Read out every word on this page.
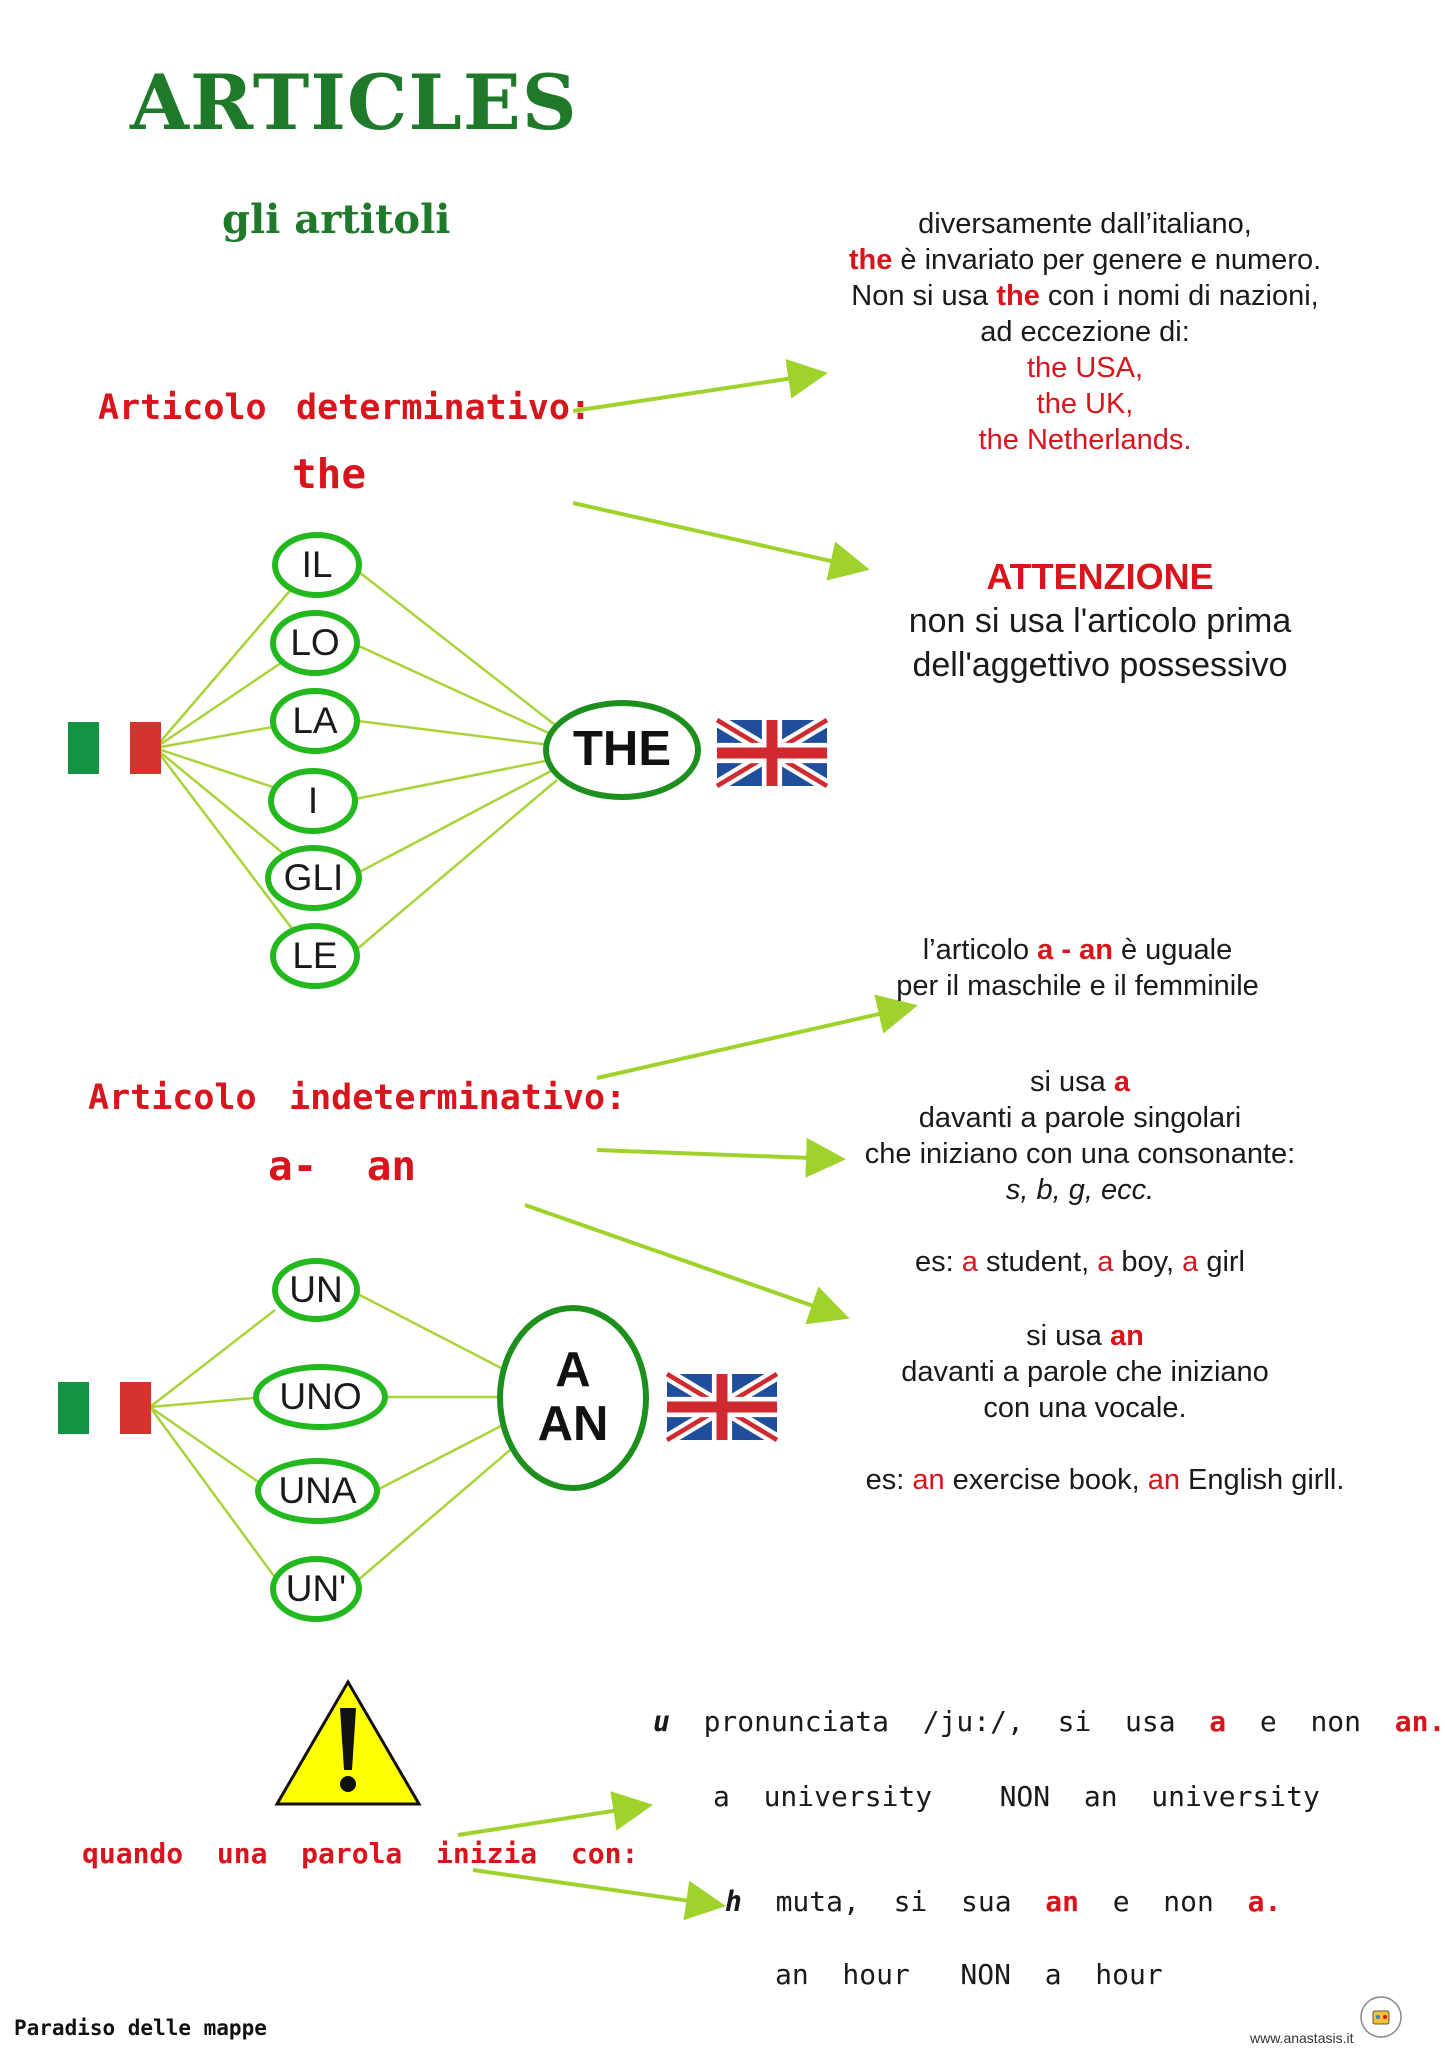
ARTICLES
gli artitoli
Articolo determinativo:
the
IL
LO
LA
I
GLI
LE
THE
diversamente dall’italiano,
the è invariato per genere e numero.
Non si usa the con i nomi di nazioni,
ad eccezione di:
the USA,
the UK,
the Netherlands.
ATTENZIONE
non si usa l'articolo prima
dell'aggettivo possessivo
Articolo indeterminativo:
a-  an
UN
UNO
UNA
UN'
A
AN
l’articolo a - an è uguale
per il maschile e il femminile
si usa a
davanti a parole singolari
che iniziano con una consonante:
s, b, g, ecc.
es: a student, a boy, a girl
si usa an
davanti a parole che iniziano
con una vocale.
es: an exercise book, an English girll.
quando  una  parola  inizia  con:
u  pronunciata  /ju:/,  si  usa  a  e  non  an.
a  university    NON  an  university
h  muta,  si  sua  an  e  non  a.
an  hour   NON  a  hour
Paradiso delle mappe	www.anastasis.it
